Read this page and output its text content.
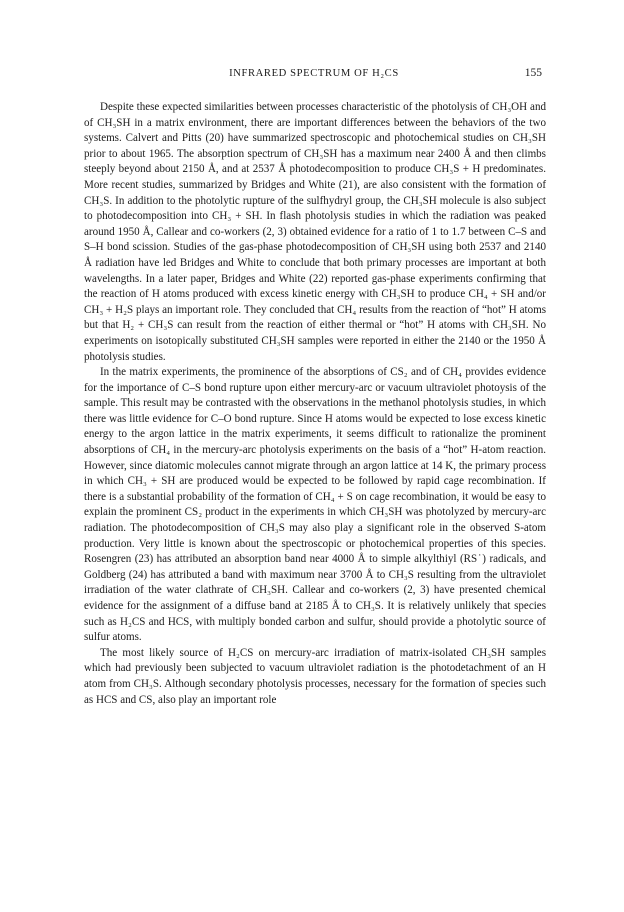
INFRARED SPECTRUM OF H₂CS	155

Despite these expected similarities between processes characteristic of the photolysis of CH₃OH and of CH₃SH in a matrix environment, there are important differences between the behaviors of the two systems. Calvert and Pitts (20) have summarized spectroscopic and photochemical studies on CH₃SH prior to about 1965. The absorption spectrum of CH₃SH has a maximum near 2400 Å and then climbs steeply beyond about 2150 Å, and at 2537 Å photodecomposition to produce CH₃S + H predominates. More recent studies, summarized by Bridges and White (21), are also consistent with the formation of CH₃S. In addition to the photolytic rupture of the sulfhydryl group, the CH₃SH molecule is also subject to photodecomposition into CH₃ + SH. In flash photolysis studies in which the radiation was peaked around 1950 Å, Callear and co-workers (2, 3) obtained evidence for a ratio of 1 to 1.7 between C–S and S–H bond scission. Studies of the gas-phase photodecomposition of CH₃SH using both 2537 and 2140 Å radiation have led Bridges and White to conclude that both primary processes are important at both wavelengths. In a later paper, Bridges and White (22) reported gas-phase experiments confirming that the reaction of H atoms produced with excess kinetic energy with CH₃SH to produce CH₄ + SH and/or CH₃ + H₂S plays an important role. They concluded that CH₄ results from the reaction of “hot” H atoms but that H₂ + CH₃S can result from the reaction of either thermal or “hot” H atoms with CH₃SH. No experiments on isotopically substituted CH₃SH samples were reported in either the 2140 or the 1950 Å photolysis studies.

In the matrix experiments, the prominence of the absorptions of CS₂ and of CH₄ provides evidence for the importance of C–S bond rupture upon either mercury-arc or vacuum ultraviolet photoysis of the sample. This result may be contrasted with the observations in the methanol photolysis studies, in which there was little evidence for C–O bond rupture. Since H atoms would be expected to lose excess kinetic energy to the argon lattice in the matrix experiments, it seems difficult to rationalize the prominent absorptions of CH₄ in the mercury-arc photolysis experiments on the basis of a “hot” H-atom reaction. However, since diatomic molecules cannot migrate through an argon lattice at 14 K, the primary process in which CH₃ + SH are produced would be expected to be followed by rapid cage recombination. If there is a substantial probability of the formation of CH₄ + S on cage recombination, it would be easy to explain the prominent CS₂ product in the experiments in which CH₃SH was photolyzed by mercury-arc radiation. The photodecomposition of CH₃S may also play a significant role in the observed S-atom production. Very little is known about the spectroscopic or photochemical properties of this species. Rosengren (23) has attributed an absorption band near 4000 Å to simple alkylthiyl (RS˙) radicals, and Goldberg (24) has attributed a band with maximum near 3700 Å to CH₃S resulting from the ultraviolet irradiation of the water clathrate of CH₃SH. Callear and co-workers (2, 3) have presented chemical evidence for the assignment of a diffuse band at 2185 Å to CH₃S. It is relatively unlikely that species such as H₂CS and HCS, with multiply bonded carbon and sulfur, should provide a photolytic source of sulfur atoms.

The most likely source of H₂CS on mercury-arc irradiation of matrix-isolated CH₃SH samples which had previously been subjected to vacuum ultraviolet radiation is the photodetachment of an H atom from CH₃S. Although secondary photolysis processes, necessary for the formation of species such as HCS and CS, also play an important role
